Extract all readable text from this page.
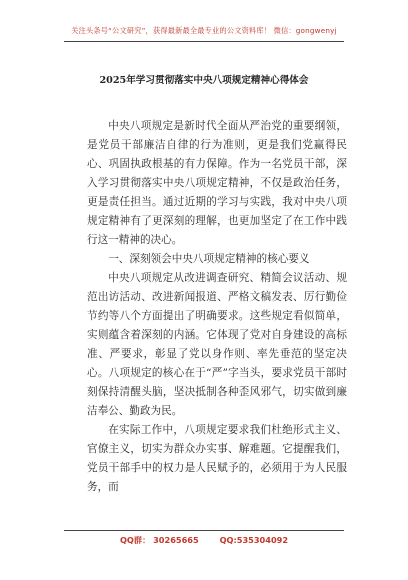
关注头条号“公文研究”，获得最新最全最专业的公文资料库！ 微信：gongwenyj
2025年学习贯彻落实中央八项规定精神心得体会

中央八项规定是新时代全面从严治党的重要纲领，是党员干部廉洁自律的行为准则，更是我们党赢得民心、巩固执政根基的有力保障。作为一名党员干部，深入学习贯彻落实中央八项规定精神，不仅是政治任务，更是责任担当。通过近期的学习与实践，我对中央八项规定精神有了更深刻的理解，也更加坚定了在工作中践行这一精神的决心。

一、深刻领会中央八项规定精神的核心要义

中央八项规定从改进调查研究、精简会议活动、规范出访活动、改进新闻报道、严格文稿发表、厉行勤俭节约等八个方面提出了明确要求。这些规定看似简单，实则蕴含着深刻的内涵。它体现了党对自身建设的高标准、严要求，彰显了党以身作则、率先垂范的坚定决心。八项规定的核心在于“严”字当头，要求党员干部时刻保持清醒头脑，坚决抵制各种歪风邪气，切实做到廉洁奉公、勤政为民。

在实际工作中，八项规定要求我们杜绝形式主义、官僚主义，切实为群众办实事、解难题。它提醒我们，党员干部手中的权力是人民赋予的，必须用于为人民服务，而

QQ群： 30265665	QQ:535304092
